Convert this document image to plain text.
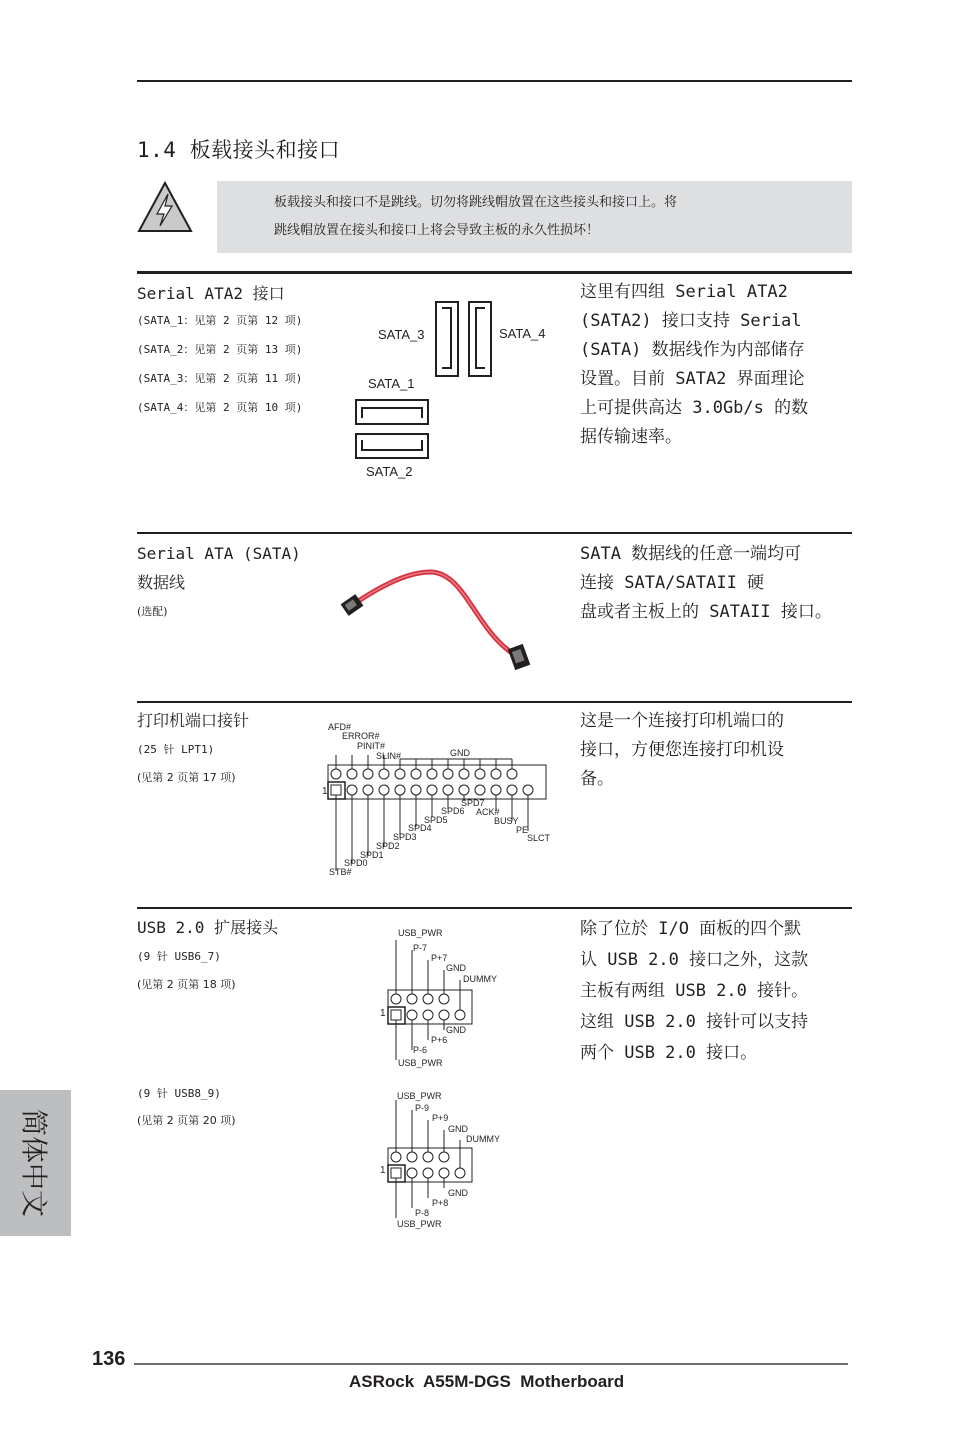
1.4 板载接头和接口
板载接头和接口不是跳线。切勿将跳线帽放置在这些接头和接口上。将
跳线帽放置在接头和接口上将会导致主板的永久性损坏！
Serial ATA2 接口
(SATA_1：见第 2 页第 12 项)
(SATA_2：见第 2 页第 13 项)
(SATA_3：见第 2 页第 11 项)
(SATA_4：见第 2 页第 10 项)
SATA_3	SATA_4
SATA_1
SATA_2
这里有四组 Serial ATA2
(SATA2) 接口支持 Serial
(SATA) 数据线作为内部储存
设置。目前 SATA2 界面理论
上可提供高达 3.0Gb/s 的数
据传输速率。
Serial ATA (SATA)
数据线
(选配)
SATA 数据线的任意一端均可
连接 SATA/SATAII 硬
盘或者主板上的 SATAII 接口。
打印机端口接针
(25 针 LPT1)
(见第 2 页第 17 项)
AFD#
ERROR#
PINIT#
SLIN#	GND
1
SPD7
SPD6 ACK#
SPD5	BUSY
SPD4	PE
SPD3	SLCT
SPD2
SPD1
SPD0
STB#
这是一个连接打印机端口的
接口，方便您连接打印机设
备。
USB 2.0 扩展接头
(9 针 USB6_7)
(见第 2 页第 18 项)
(9 针 USB8_9)
(见第 2 页第 20 项)
USB_PWR
P-7
P+7
GND
DUMMY
1
GND
P+6
P-6
USB_PWR
USB_PWR
P-9
P+9
GND
DUMMY
1
GND
P+8
P-8
USB_PWR
除了位於 I/O 面板的四个默
认 USB 2.0 接口之外，这款
主板有两组 USB 2.0 接针。
这组 USB 2.0 接针可以支持
两个 USB 2.0 接口。
简体中文
136
ASRock  A55M-DGS  Motherboard
